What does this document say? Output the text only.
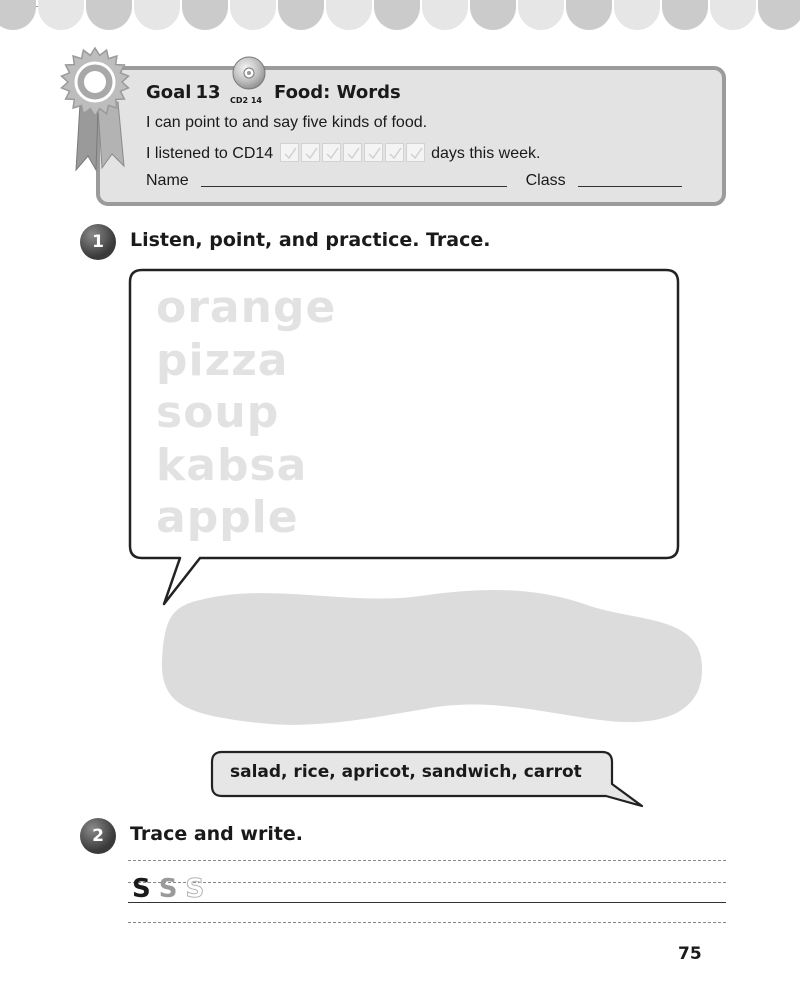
Goal 13 CD2 14 Food: Words
I can point to and say five kinds of food.
I listened to CD14	days this week.
Name	Class
1	Listen, point, and practice. Trace.
orange
pizza
soup
kabsa
apple
salad, rice, apricot, sandwich, carrot
2	Trace and write.
S S S
75
